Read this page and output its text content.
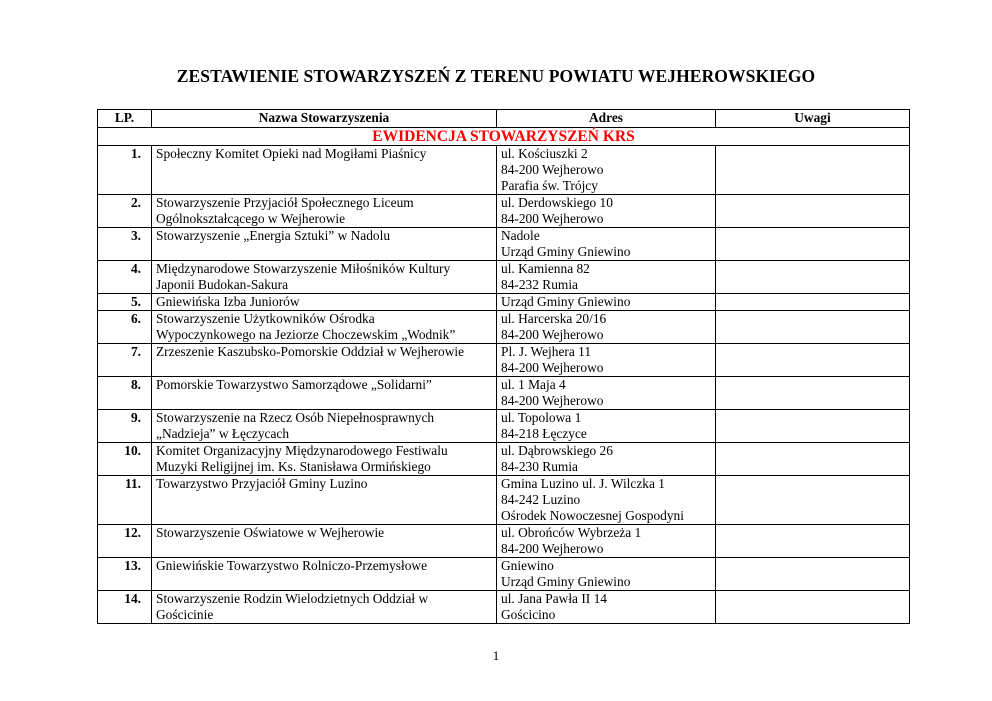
ZESTAWIENIE STOWARZYSZEŃ Z TERENU POWIATU WEJHEROWSKIEGO
LP.	Nazwa Stowarzyszenia	Adres	Uwagi
EWIDENCJA STOWARZYSZEŃ KRS			
1.	Społeczny Komitet Opieki nad Mogiłami Piaśnicy	ul. Kościuszki 2
84-200 Wejherowo
Parafia św. Trójcy	

2.	Stowarzyszenie Przyjaciół Społecznego Liceum
Ogólnokształcącego w Wejherowie	ul. Derdowskiego 10
84-200 Wejherowo	

3.	Stowarzyszenie „Energia Sztuki” w Nadolu	Nadole
Urząd Gminy Gniewino	

4.	Międzynarodowe Stowarzyszenie Miłośników Kultury
Japonii Budokan-Sakura	ul. Kamienna 82
84-232 Rumia	

5.	Gniewińska Izba Juniorów	Urząd Gminy Gniewino	

6.	Stowarzyszenie Użytkowników Ośrodka
Wypoczynkowego na Jeziorze Choczewskim „Wodnik”	ul. Harcerska 20/16
84-200 Wejherowo	

7.	Zrzeszenie Kaszubsko-Pomorskie Oddział w Wejherowie	Pl. J. Wejhera 11
84-200 Wejherowo	

8.	Pomorskie Towarzystwo Samorządowe „Solidarni”	ul. 1 Maja 4
84-200 Wejherowo	

9.	Stowarzyszenie na Rzecz Osób Niepełnosprawnych
„Nadzieja” w Łęczycach	ul. Topolowa 1
84-218 Łęczyce	

10.	Komitet Organizacyjny Międzynarodowego Festiwalu
Muzyki Religijnej im. Ks. Stanisława Ormińskiego	ul. Dąbrowskiego 26
84-230 Rumia	

11.	Towarzystwo Przyjaciół Gminy Luzino	Gmina Luzino ul. J. Wilczka 1
84-242 Luzino
Ośrodek Nowoczesnej Gospodyni	

12.	Stowarzyszenie Oświatowe w Wejherowie	ul. Obrońców Wybrzeża 1
84-200 Wejherowo	

13.	Gniewińskie Towarzystwo Rolniczo-Przemysłowe	Gniewino
Urząd Gminy Gniewino	

14.	Stowarzyszenie Rodzin Wielodzietnych Oddział w
Gościcinie	ul. Jana Pawła II 14
Gościcino	

1
